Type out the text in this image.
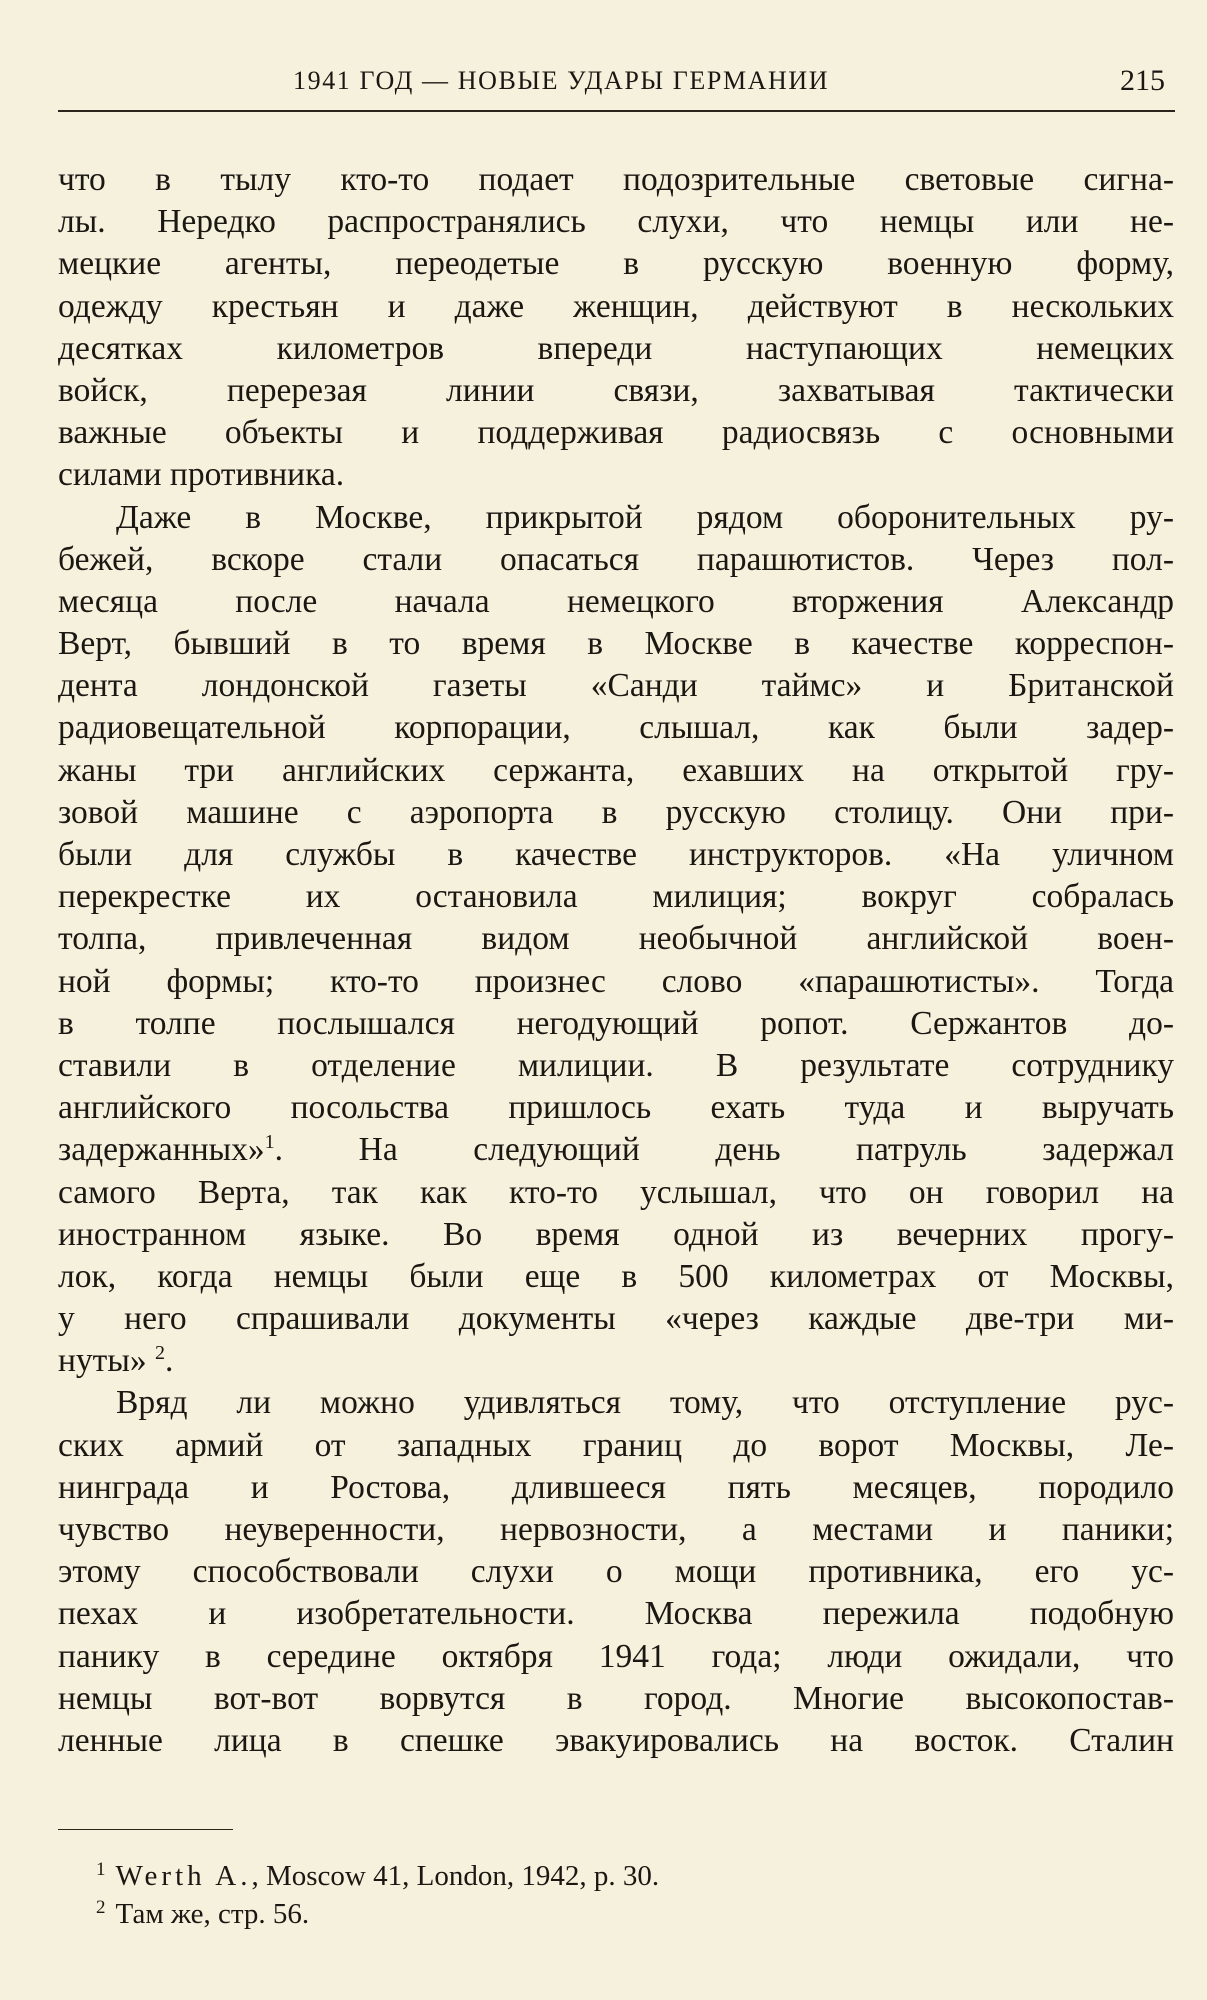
1941 ГОД — НОВЫЕ УДАРЫ ГЕРМАНИИ	215
что в тылу кто-то подает подозрительные световые сигна-
лы. Нередко распространялись слухи, что немцы или не-
мецкие агенты, переодетые в русскую военную форму,
одежду крестьян и даже женщин, действуют в нескольких
десятках километров впереди наступающих немецких
войск, перерезая линии связи, захватывая тактически
важные объекты и поддерживая радиосвязь с основными
силами противника.
Даже в Москве, прикрытой рядом оборонительных ру-
бежей, вскоре стали опасаться парашютистов. Через пол-
месяца после начала немецкого вторжения Александр
Верт, бывший в то время в Москве в качестве корреспон-
дента лондонской газеты «Санди таймс» и Британской
радиовещательной корпорации, слышал, как были задер-
жаны три английских сержанта, ехавших на открытой гру-
зовой машине с аэропорта в русскую столицу. Они при-
были для службы в качестве инструкторов. «На уличном
перекрестке их остановила милиция; вокруг собралась
толпа, привлеченная видом необычной английской воен-
ной формы; кто-то произнес слово «парашютисты». Тогда
в толпе послышался негодующий ропот. Сержантов до-
ставили в отделение милиции. В результате сотруднику
английского посольства пришлось ехать туда и выручать
задержанных»$^1$. На следующий день патруль задержал
самого Верта, так как кто-то услышал, что он говорил на
иностранном языке. Во время одной из вечерних прогу-
лок, когда немцы были еще в 500 километрах от Москвы,
у него спрашивали документы «через каждые две-три ми-
нуты» $^2$.
Вряд ли можно удивляться тому, что отступление рус-
ских армий от западных границ до ворот Москвы, Ле-
нинграда и Ростова, длившееся пять месяцев, породило
чувство неуверенности, нервозности, а местами и паники;
этому способствовали слухи о мощи противника, его ус-
пехах и изобретательности. Москва пережила подобную
панику в середине октября 1941 года; люди ожидали, что
немцы вот-вот ворвутся в город. Многие высокопостав-
ленные лица в спешке эвакуировались на восток. Сталин
$^1$ Werth A., Moscow 41, London, 1942, p. 30.
$^2$ Там же, стр. 56.
